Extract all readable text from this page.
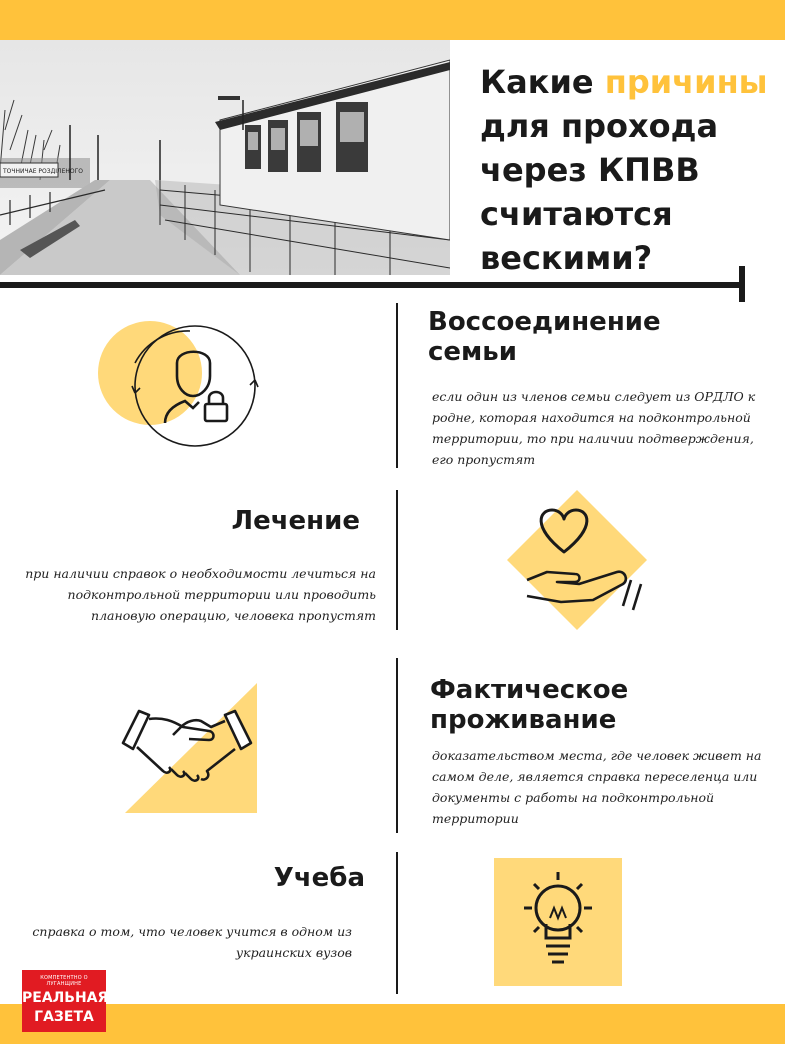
ТОЧНИЧАЕ РОЗДІЛЕНОГО
Какие причины
для прохода через КПВВ считаются вескими?
Воссоединение семьи

если один из членов семьи следует из ОРДЛО к родне, которая находится на подконтрольной территории, то при наличии подтверждения, его пропустят

Лечение

при наличии справок о необходимости лечиться на подконтрольной территории или проводить плановую операцию, человека пропустят

Фактическое проживание

доказательством места, где человек живет на самом деле, является справка переселенца или документы с работы на подконтрольной территории

Учеба

справка о том, что человек учится в одном из украинских вузов

КОМПЕТЕНТНО О ЛУГАНЩИНЕ
РЕАЛЬНАЯ
ГАЗЕТА
